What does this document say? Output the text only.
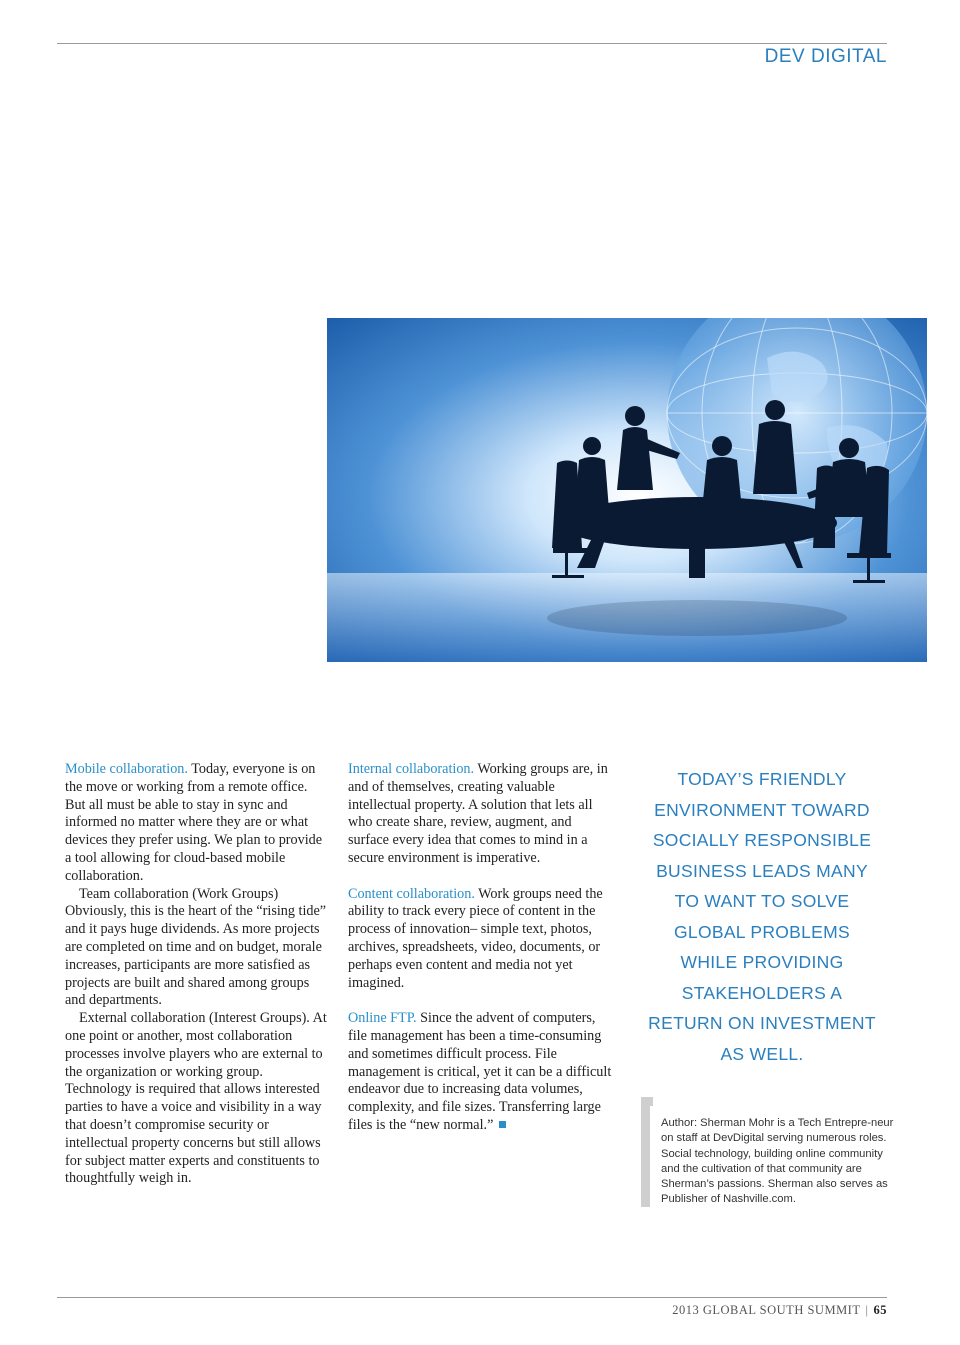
DEV DIGITAL

Mobile collaboration. Today, everyone is on the move or working from a remote office. But all must be able to stay in sync and informed no matter where they are or what devices they prefer using. We plan to provide a tool allowing for cloud-based mobile collaboration.

Team collaboration (Work Groups) Obviously, this is the heart of the “rising tide” and it pays huge dividends. As more projects are completed on time and on budget, morale increases, participants are more satisfied as projects are built and shared among groups and departments.

External collaboration (Interest Groups). At one point or another, most collaboration processes involve players who are external to the organization or working group. Technology is required that allows interested parties to have a voice and visibility in a way that doesn’t compromise security or intellectual property concerns but still allows for subject matter experts and constituents to thoughtfully weigh in.

Internal collaboration. Working groups are, in and of themselves, creating valuable intellectual property. A solution that lets all who create share, review, augment, and surface every idea that comes to mind in a secure environment is imperative.

Content collaboration. Work groups need the ability to track every piece of content in the process of innovation– simple text, photos, archives, spreadsheets, video, documents, or perhaps even content and media not yet imagined.

Online FTP. Since the advent of computers, file management has been a time-consuming and sometimes difficult process. File management is critical, yet it can be a difficult endeavor due to increasing data volumes, complexity, and file sizes. Transferring large files is the “new normal.”

TODAY’S FRIENDLY
ENVIRONMENT TOWARD
SOCIALLY RESPONSIBLE
BUSINESS LEADS MANY
TO WANT TO SOLVE
GLOBAL PROBLEMS
WHILE PROVIDING
STAKEHOLDERS A
RETURN ON INVESTMENT
AS WELL.
Author: Sherman Mohr is a Tech Entrepre-neur on staff at DevDigital serving numerous roles. Social technology, building online community and the cultivation of that community are Sherman’s passions. Sherman also serves as Publisher of Nashville.com.
2013 GLOBAL SOUTH SUMMIT | 65
